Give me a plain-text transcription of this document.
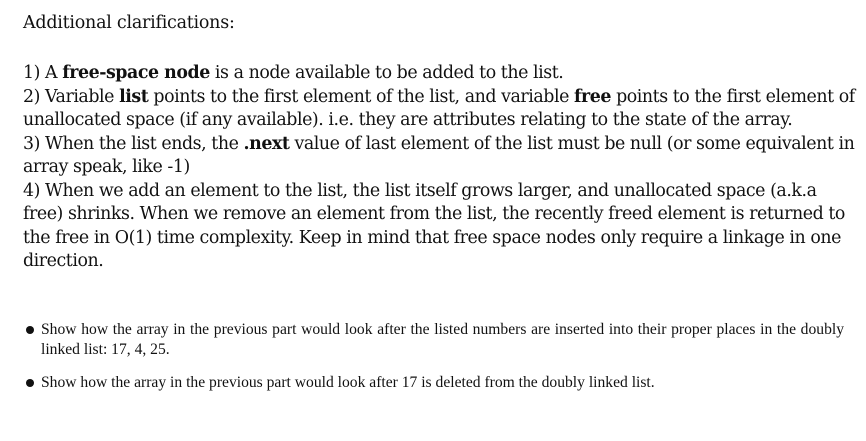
Additional clarifications:

1) A free-space node is a node available to be added to the list.

2) Variable list points to the first element of the list, and variable free points to the first element of unallocated space (if any available). i.e. they are attributes relating to the state of the array.

3) When the list ends, the .next value of last element of the list must be null (or some equivalent in array speak, like -1)

4) When we add an element to the list, the list itself grows larger, and unallocated space (a.k.a free) shrinks. When we remove an element from the list, the recently freed element is returned to the free in O(1) time complexity. Keep in mind that free space nodes only require a linkage in one direction.

Show how the array in the previous part would look after the listed numbers are inserted into their proper places in the doubly linked list: 17, 4, 25.
Show how the array in the previous part would look after 17 is deleted from the doubly linked list.
